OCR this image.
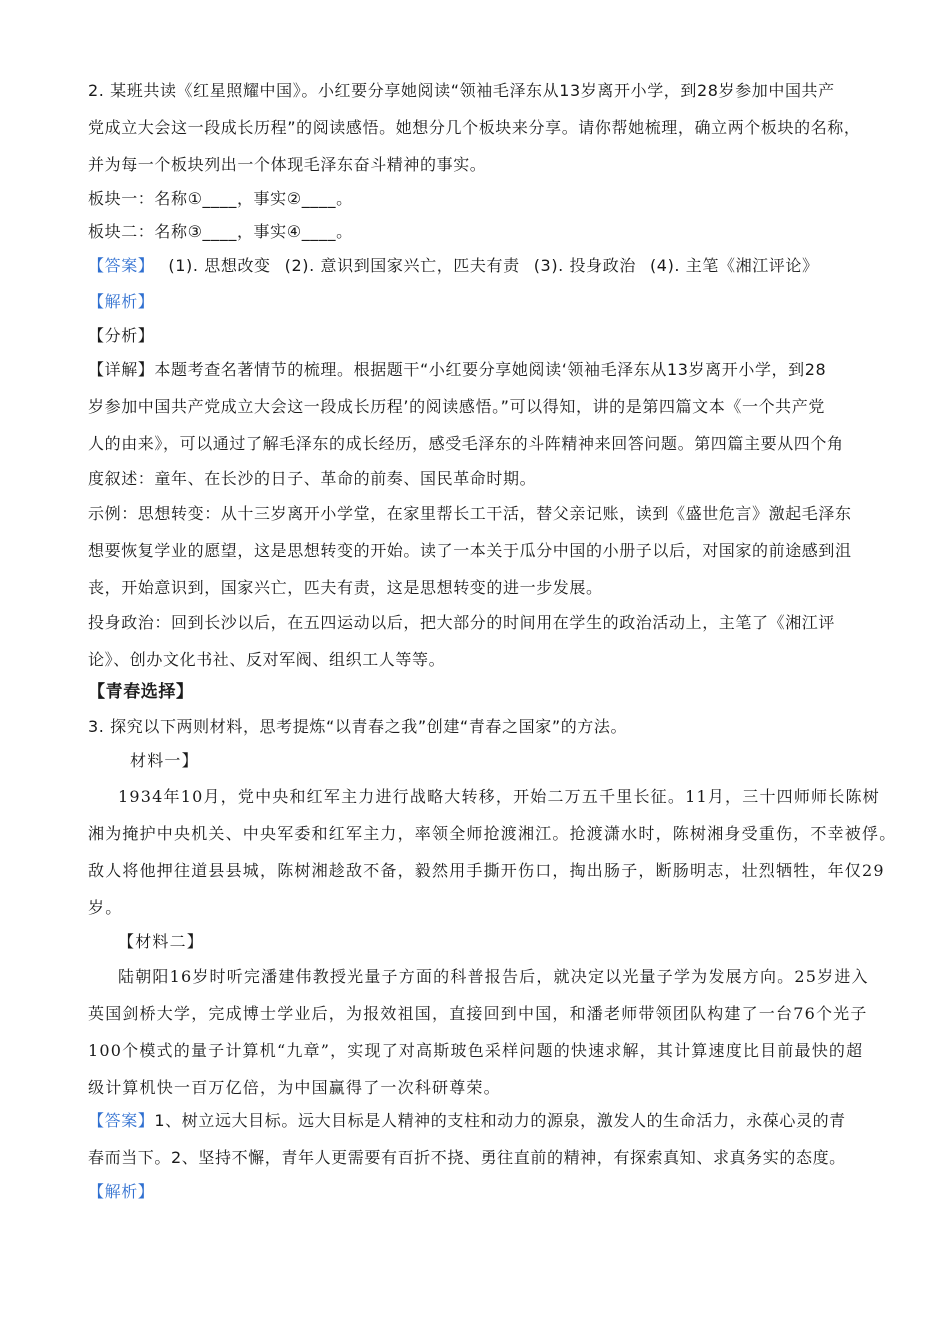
2. 某班共读《红星照耀中国》。小红要分享她阅读“领袖毛泽东从13岁离开小学，到28岁参加中国共产
党成立大会这一段成长历程”的阅读感悟。她想分几个板块来分享。请你帮她梳理，确立两个板块的名称，
并为每一个板块列出一个体现毛泽东奋斗精神的事实。
板块一：名称①____，事实②____。
板块二：名称③____，事实④____。
【答案】 (1). 思想改变 (2). 意识到国家兴亡，匹夫有责 (3). 投身政治 (4). 主笔《湘江评论》
【解析】
【分析】
【详解】本题考查名著情节的梳理。根据题干“小红要分享她阅读‘领袖毛泽东从13岁离开小学，到28
岁参加中国共产党成立大会这一段成长历程’的阅读感悟。”可以得知，讲的是第四篇文本《一个共产党
人的由来》，可以通过了解毛泽东的成长经历，感受毛泽东的斗阵精神来回答问题。第四篇主要从四个角
度叙述：童年、在长沙的日子、革命的前奏、国民革命时期。
示例：思想转变：从十三岁离开小学堂，在家里帮长工干活，替父亲记账，读到《盛世危言》激起毛泽东
想要恢复学业的愿望，这是思想转变的开始。读了一本关于瓜分中国的小册子以后，对国家的前途感到沮
丧，开始意识到，国家兴亡，匹夫有责，这是思想转变的进一步发展。
投身政治：回到长沙以后，在五四运动以后，把大部分的时间用在学生的政治活动上，主笔了《湘江评
论》、创办文化书社、反对军阀、组织工人等等。
【青春选择】
3. 探究以下两则材料，思考提炼“以青春之我”创建“青春之国家”的方法。
材料一】
1934年10月，党中央和红军主力进行战略大转移，开始二万五千里长征。11月，三十四师师长陈树
湘为掩护中央机关、中央军委和红军主力，率领全师抢渡湘江。抢渡潇水时，陈树湘身受重伤，不幸被俘。
敌人将他押往道县县城，陈树湘趁敌不备，毅然用手撕开伤口，掏出肠子，断肠明志，壮烈牺牲，年仅29
岁。
【材料二】
陆朝阳16岁时听完潘建伟教授光量子方面的科普报告后，就决定以光量子学为发展方向。25岁进入
英国剑桥大学，完成博士学业后，为报效祖国，直接回到中国，和潘老师带领团队构建了一台76个光子
100个模式的量子计算机“九章”，实现了对高斯玻色采样问题的快速求解，其计算速度比目前最快的超
级计算机快一百万亿倍，为中国赢得了一次科研尊荣。
【答案】1、树立远大目标。远大目标是人精神的支柱和动力的源泉，激发人的生命活力，永葆心灵的青
春而当下。2、坚持不懈，青年人更需要有百折不挠、勇往直前的精神，有探索真知、求真务实的态度。
【解析】
